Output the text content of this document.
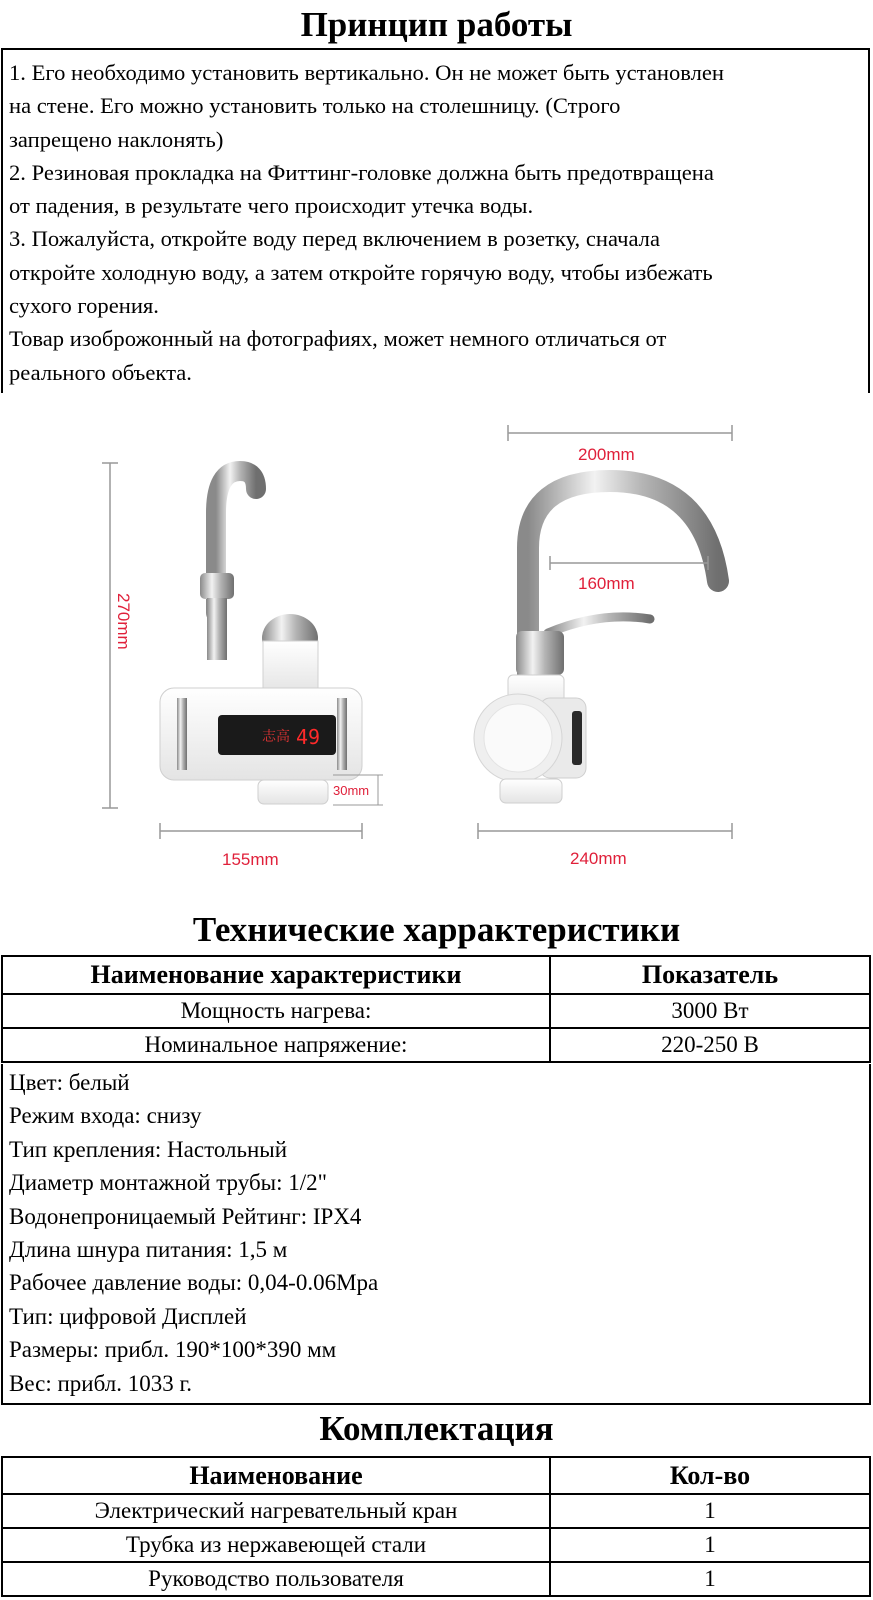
Принцип работы

1. Его необходимо установить вертикально. Он не может быть установлен

на стене. Его можно установить только на столешницу. (Строго

запрещено наклонять)

2. Резиновая прокладка на Фиттинг-головке должна быть предотвращена

от падения, в результате чего происходит утечка воды.

3. Пожалуйста, откройте воду перед включением в розетку, сначала

откройте холодную воду, а затем откройте горячую воду, чтобы избежать

сухого горения.

Товар изоброжонный на фотографиях, может немного отличаться от

реального объекта.

志高 49
270mm
30mm
155mm
200mm
160mm
240mm
Технические харрактеристики
Наименование характеристики	Показатель
Мощность нагрева:	3000 Вт
Номинальное напряжение:	220-250 В
Цвет: белый
Режим входа: снизу
Тип крепления: Настольный
Диаметр монтажной трубы: 1/2"
Водонепроницаемый Рейтинг: IPX4
Длина шнура питания: 1,5 м
Рабочее давление воды: 0,04-0.06Mpa
Тип: цифровой Дисплей
Размеры: прибл. 190*100*390 мм
Вес: прибл. 1033 г.
Комплектация
Наименование	Кол-во
Электрический нагревательный кран	1
Трубка из нержавеющей стали	1
Руководство пользователя	1
